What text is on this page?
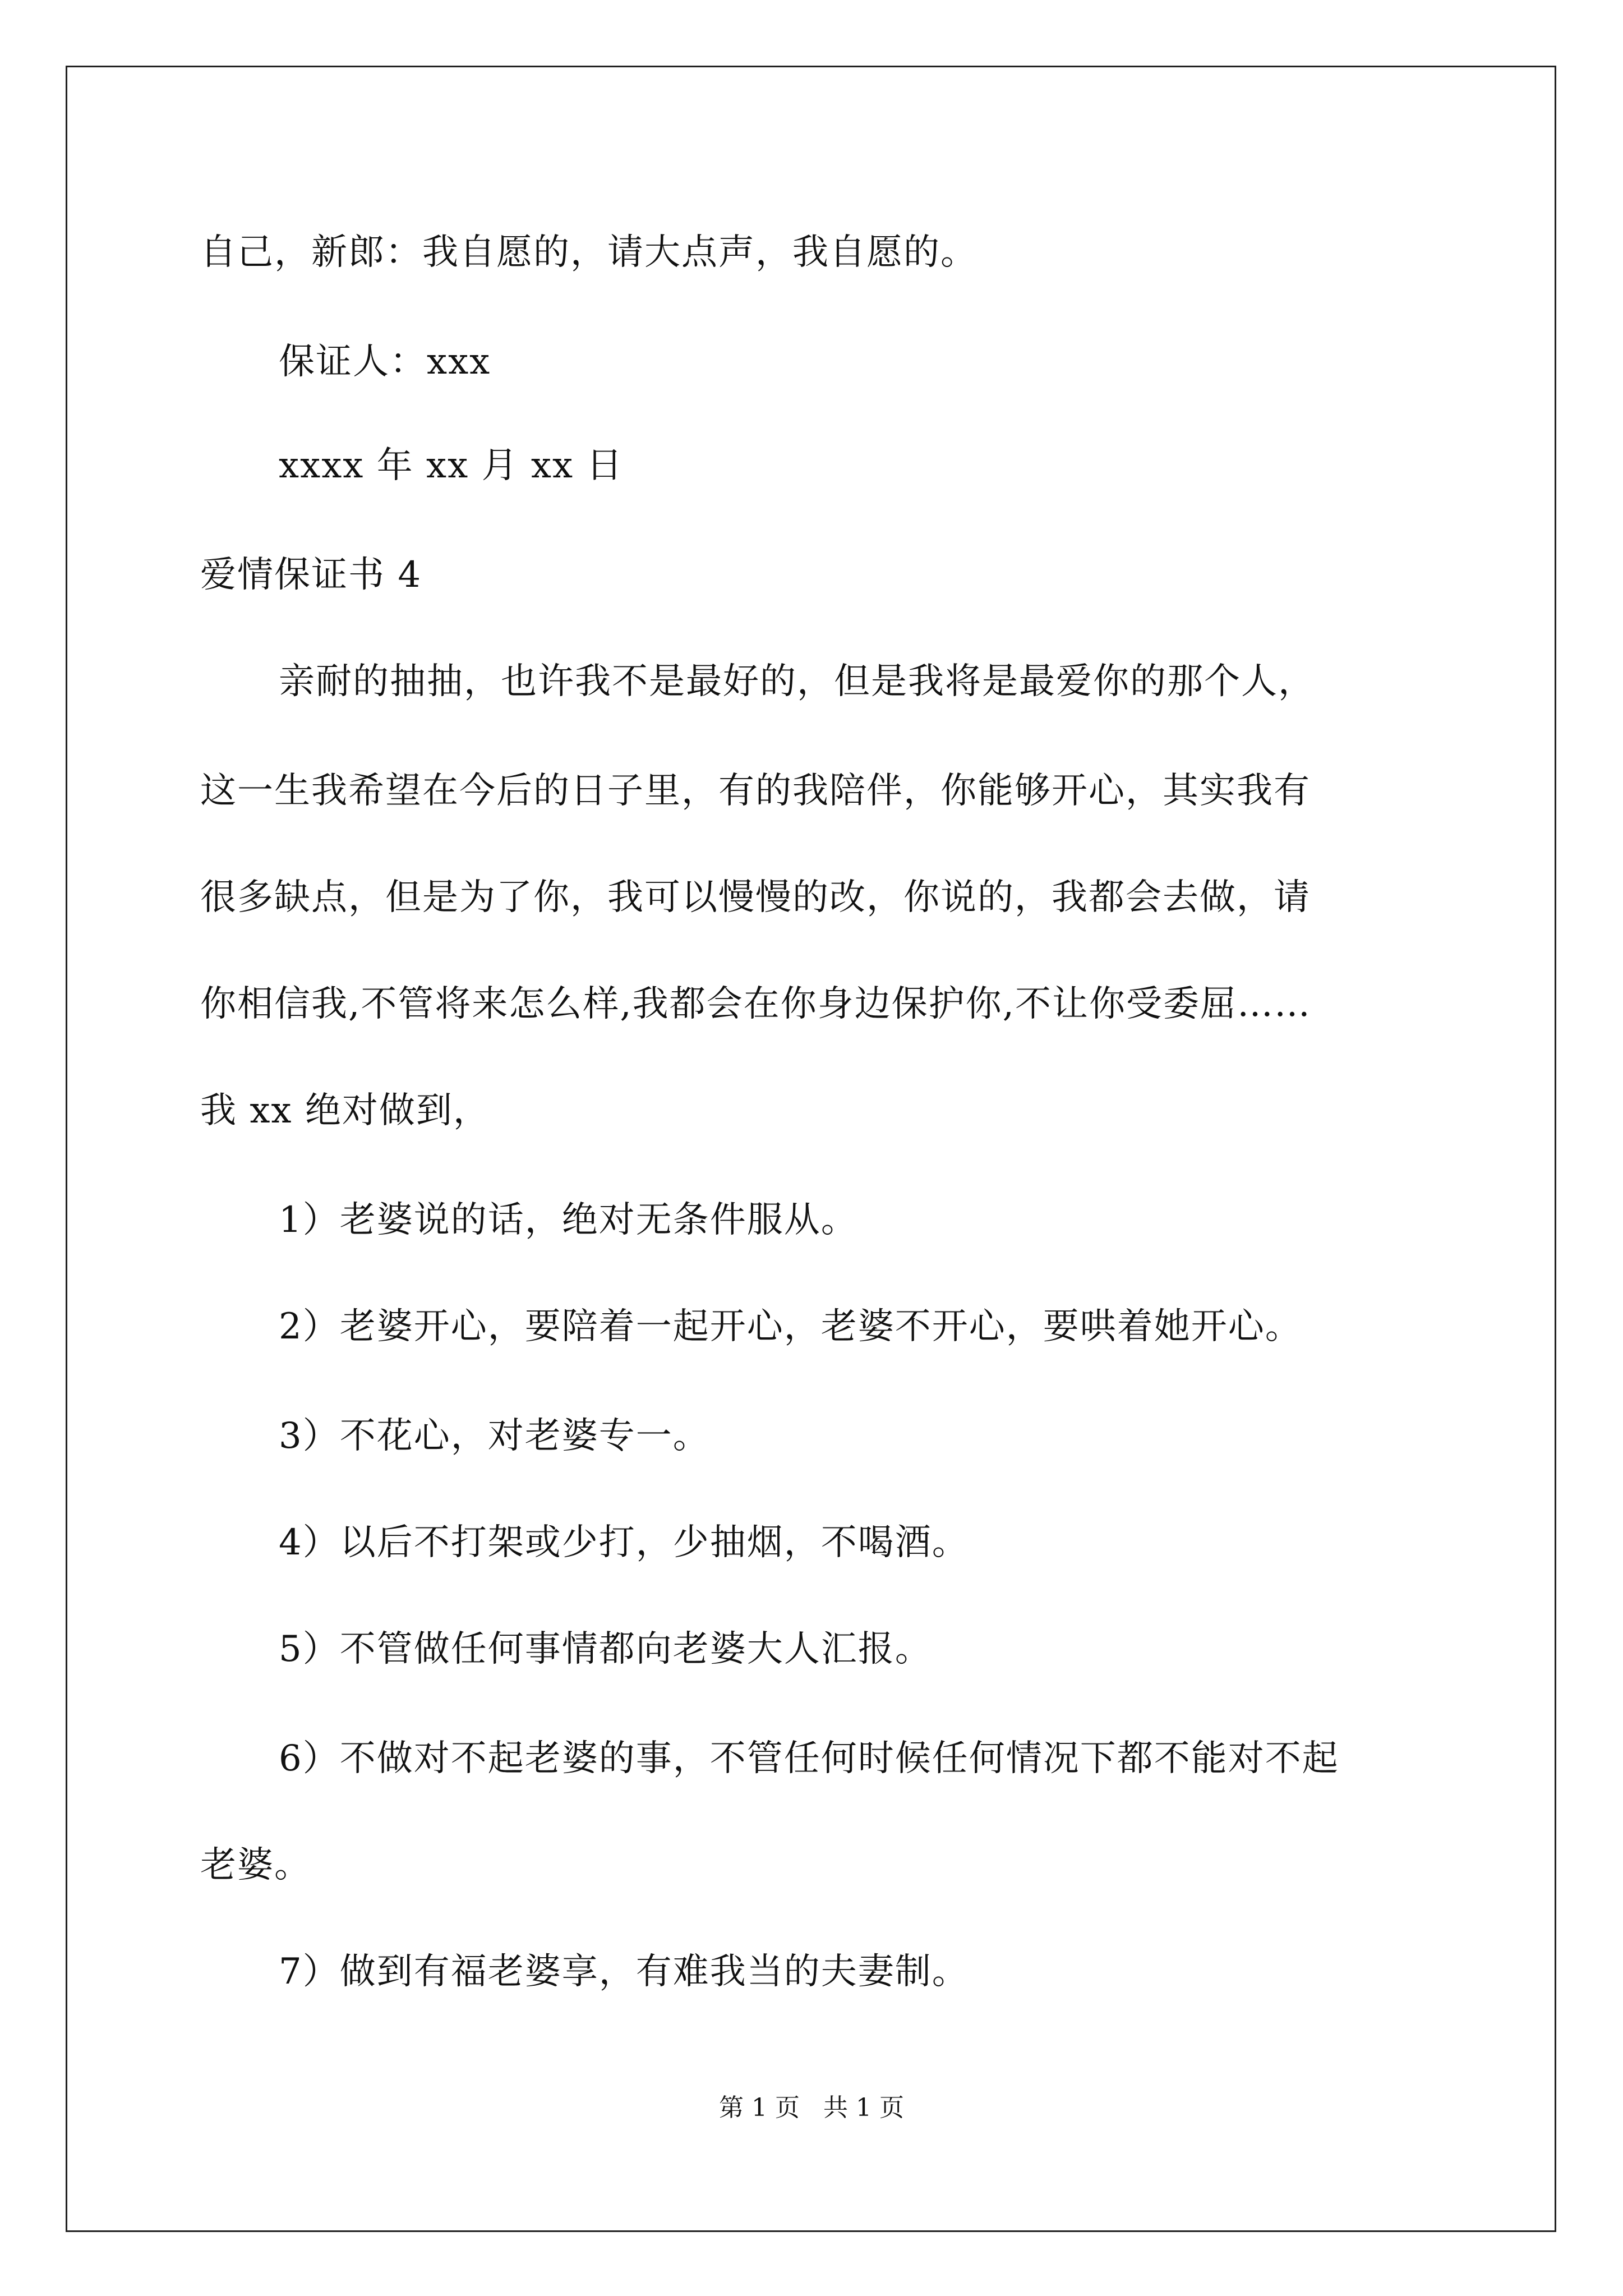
自己，新郎：我自愿的，请大点声，我自愿的。
保证人：xxx
xxxx 年 xx 月 xx 日
爱情保证书 4
亲耐的抽抽，也许我不是最好的，但是我将是最爱你的那个人，
这一生我希望在今后的日子里，有的我陪伴，你能够开心，其实我有
很多缺点，但是为了你，我可以慢慢的改，你说的，我都会去做，请
你相信我,不管将来怎么样,我都会在你身边保护你,不让你受委屈……
我 xx 绝对做到，
1）老婆说的话，绝对无条件服从。
2）老婆开心，要陪着一起开心，老婆不开心，要哄着她开心。
3）不花心，对老婆专一。
4）以后不打架或少打，少抽烟，不喝酒。
5）不管做任何事情都向老婆大人汇报。
6）不做对不起老婆的事，不管任何时候任何情况下都不能对不起
老婆。
7）做到有福老婆享，有难我当的夫妻制。
第 1 页   共 1 页
